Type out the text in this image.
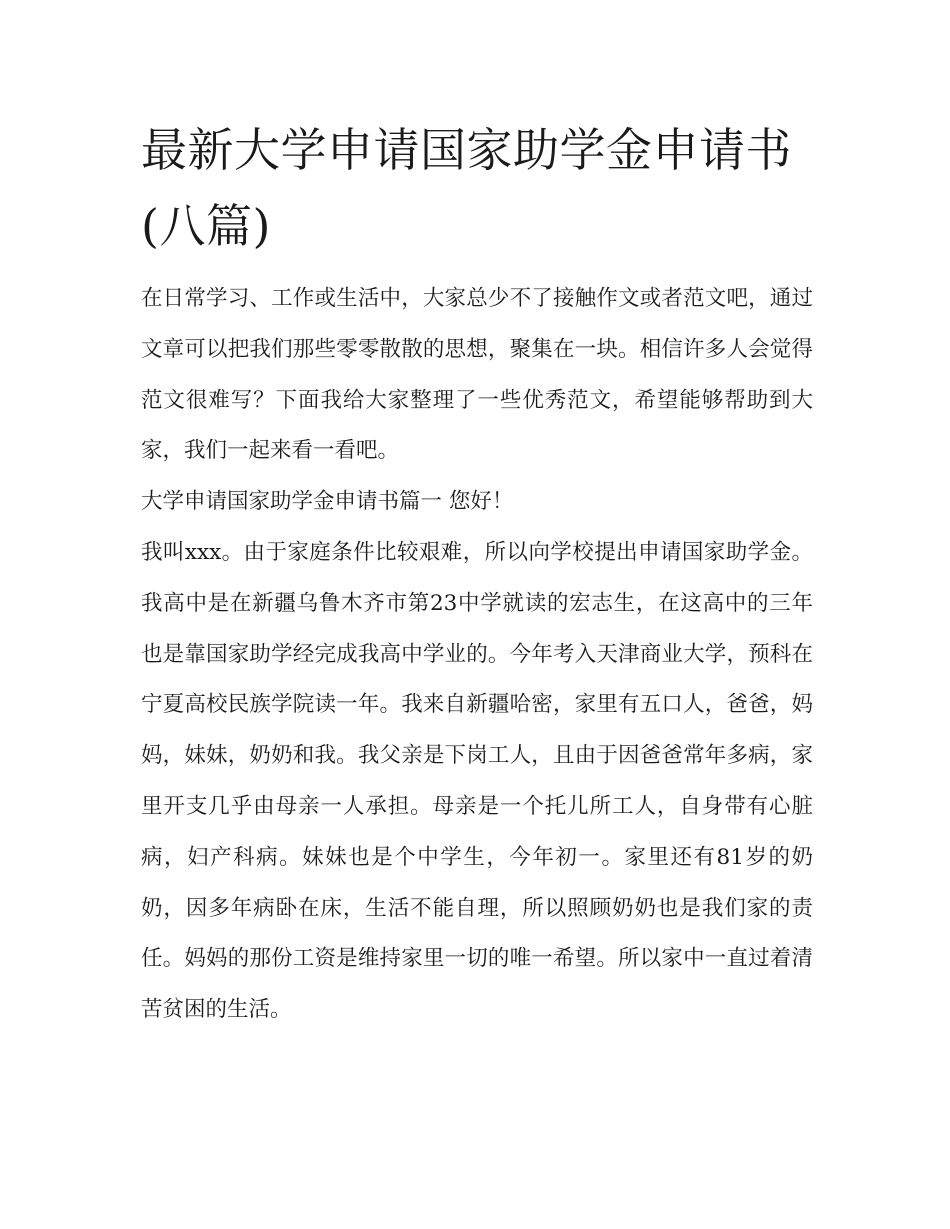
最新大学申请国家助学金申请书(八篇)

在日常学习、工作或生活中，大家总少不了接触作文或者范文吧，通过文章可以把我们那些零零散散的思想，聚集在一块。相信许多人会觉得范文很难写？下面我给大家整理了一些优秀范文，希望能够帮助到大家，我们一起来看一看吧。

大学申请国家助学金申请书篇一 您好！

我叫xxx。由于家庭条件比较艰难，所以向学校提出申请国家助学金。我高中是在新疆乌鲁木齐市第23中学就读的宏志生，在这高中的三年也是靠国家助学经完成我高中学业的。今年考入天津商业大学，预科在宁夏高校民族学院读一年。我来自新疆哈密，家里有五口人，爸爸，妈妈，妹妹，奶奶和我。我父亲是下岗工人，且由于因爸爸常年多病，家里开支几乎由母亲一人承担。母亲是一个托儿所工人，自身带有心脏病，妇产科病。妹妹也是个中学生，今年初一。家里还有81岁的奶奶，因多年病卧在床，生活不能自理，所以照顾奶奶也是我们家的责任。妈妈的那份工资是维持家里一切的唯一希望。所以家中一直过着清苦贫困的生活。
